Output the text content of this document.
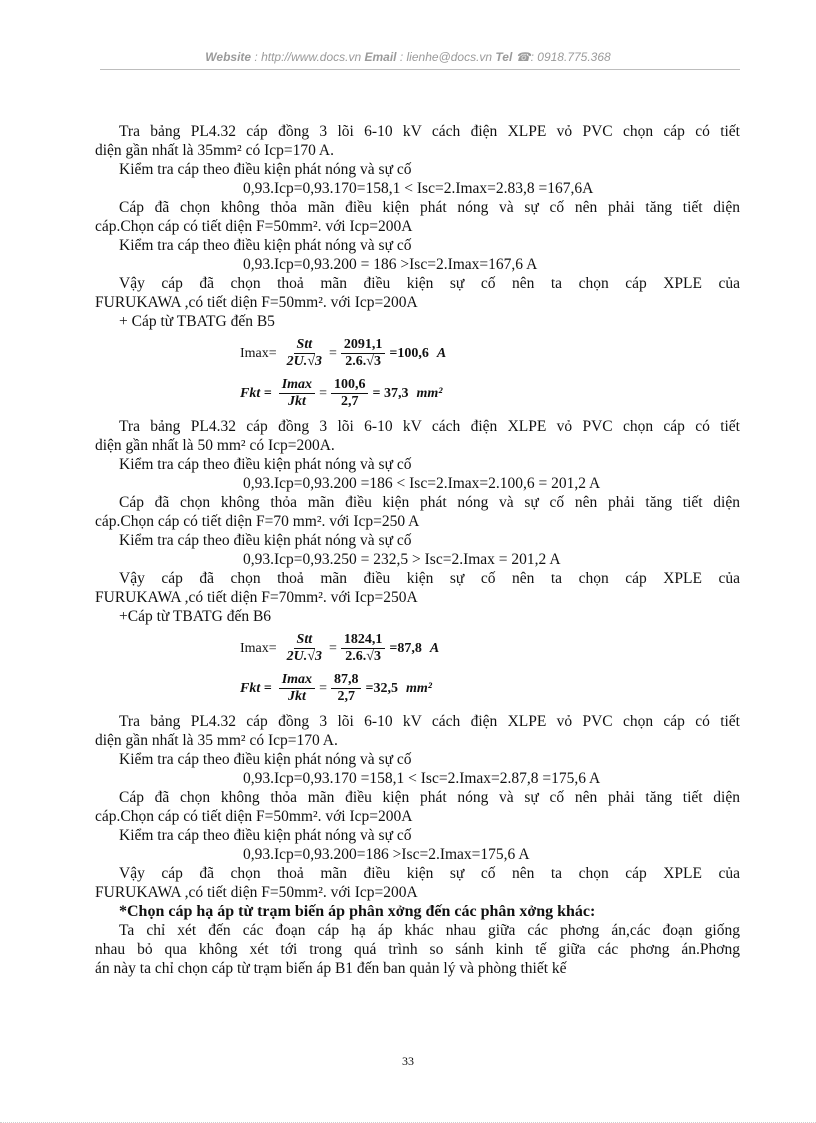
Website : http://www.docs.vn Email : lienhe@docs.vn Tel ☎: 0918.775.368

Tra bảng PL4.32 cáp đồng 3 lõi 6-10 kV cách điện XLPE vỏ PVC chọn cáp có tiết

diện gần nhất là 35mm² có Icp=170 A.

Kiểm tra cáp theo điều kiện phát nóng và sự cố

0,93.Icp=0,93.170=158,1 < Isc=2.Imax=2.83,8 =167,6A

Cáp đã chọn không thỏa mãn điều kiện phát nóng và sự cố nên phải tăng tiết diện

cáp.Chọn cáp có tiết diện F=50mm². với Icp=200A

Kiểm tra cáp theo điều kiện phát nóng và sự cố

0,93.Icp=0,93.200 = 186 >Isc=2.Imax=167,6 A

Vậy cáp đã chọn thoả mãn điều kiện sự cố nên ta chọn cáp XPLE của

FURUKAWA ,có tiết diện F=50mm². với Icp=200A

+ Cáp từ TBATG đến B5

$Imax= \frac{\text{Stt}}{2U.√3} = \frac{2091,1}{2.6.√3} =100,6$ A
Fkt = $\frac{Imax}{\text{Jkt}} = \frac{100,6}{2,7} = 37,3$ mm²

Tra bảng PL4.32 cáp đồng 3 lõi 6-10 kV cách điện XLPE vỏ PVC chọn cáp có tiết

diện gần nhất là 50 mm² có Icp=200A.

Kiểm tra cáp theo điều kiện phát nóng và sự cố

0,93.Icp=0,93.200 =186 < Isc=2.Imax=2.100,6 = 201,2 A

Cáp đã chọn không thỏa mãn điều kiện phát nóng và sự cố nên phải tăng tiết diện

cáp.Chọn cáp có tiết diện F=70 mm². với Icp=250 A

Kiểm tra cáp theo điều kiện phát nóng và sự cố

0,93.Icp=0,93.250 = 232,5 > Isc=2.Imax = 201,2 A

Vậy cáp đã chọn thoả mãn điều kiện sự cố nên ta chọn cáp XPLE của

FURUKAWA ,có tiết diện F=70mm². với Icp=250A

+Cáp từ TBATG đến B6

$Imax= \frac{\text{Stt}}{2U.√3} = \frac{1824,1}{2.6.√3} =87,8$ A
Fkt = $\frac{Imax}{\text{Jkt}} = \frac{87,8}{2,7} =32,5$ mm²

Tra bảng PL4.32 cáp đồng 3 lõi 6-10 kV cách điện XLPE vỏ PVC chọn cáp có tiết

diện gần nhất là 35 mm² có Icp=170 A.

Kiểm tra cáp theo điều kiện phát nóng và sự cố

0,93.Icp=0,93.170 =158,1 < Isc=2.Imax=2.87,8 =175,6 A

Cáp đã chọn không thỏa mãn điều kiện phát nóng và sự cố nên phải tăng tiết diện

cáp.Chọn cáp có tiết diện F=50mm². với Icp=200A

Kiểm tra cáp theo điều kiện phát nóng và sự cố

0,93.Icp=0,93.200=186 >Isc=2.Imax=175,6 A

Vậy cáp đã chọn thoả mãn điều kiện sự cố nên ta chọn cáp XPLE của

FURUKAWA ,có tiết diện F=50mm². với Icp=200A

*Chọn cáp hạ áp từ trạm biến áp phân xởng đến các phân xởng khác:

Ta chỉ xét đến các đoạn cáp hạ áp khác nhau giữa các phơng án,các đoạn giống

nhau bỏ qua không xét tới trong quá trình so sánh kinh tế giữa các phơng án.Phơng

án này ta chỉ chọn cáp từ trạm biến áp B1 đến ban quản lý và phòng thiết kế

33
